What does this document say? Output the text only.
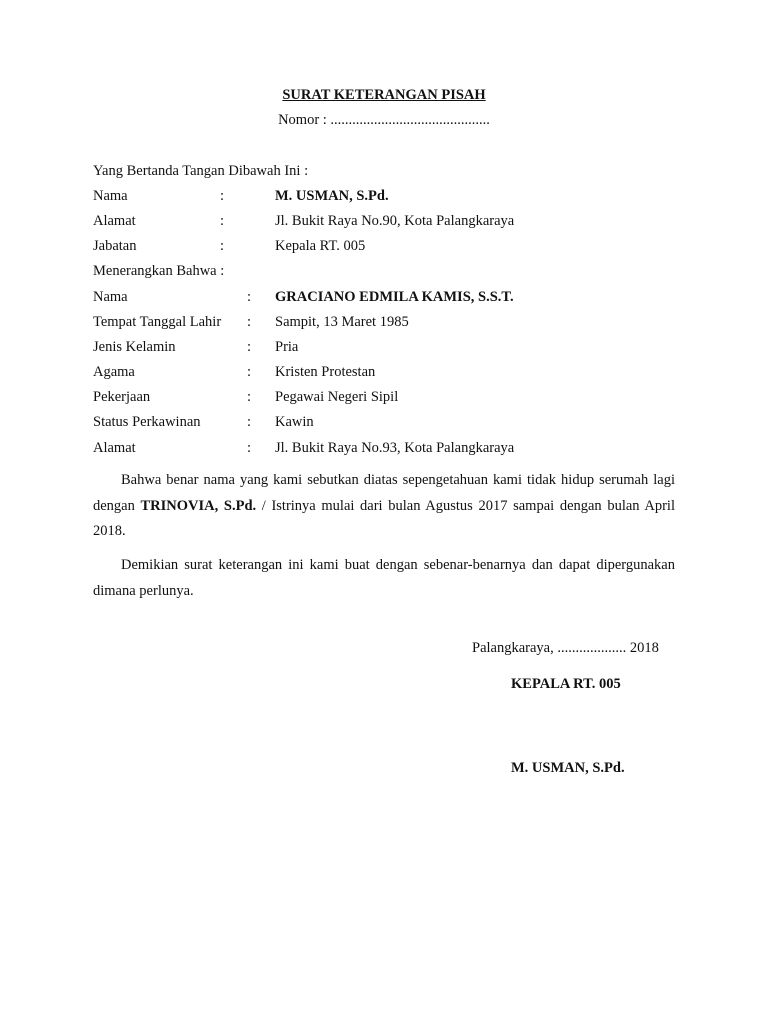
SURAT KETERANGAN PISAH
Nomor : ............................................
Yang Bertanda Tangan Dibawah Ini :
Nama	:	M. USMAN, S.Pd.
Alamat	:	Jl. Bukit Raya No.90, Kota Palangkaraya
Jabatan	:	Kepala RT. 005
Menerangkan Bahwa :
Nama	: GRACIANO EDMILA KAMIS, S.S.T.
Tempat Tanggal Lahir : Sampit, 13 Maret 1985
Jenis Kelamin	: Pria
Agama	: Kristen Protestan
Pekerjaan	: Pegawai Negeri Sipil
Status Perkawinan	: Kawin
Alamat	: Jl. Bukit Raya No.93, Kota Palangkaraya
Bahwa benar nama yang kami sebutkan diatas sepengetahuan kami tidak hidup serumah lagi dengan TRINOVIA, S.Pd. / Istrinya mulai dari bulan Agustus 2017 sampai dengan bulan April 2018.
Demikian surat keterangan ini kami buat dengan sebenar-benarnya dan dapat dipergunakan dimana perlunya.
Palangkaraya, ................... 2018
KEPALA RT. 005
M. USMAN, S.Pd.
